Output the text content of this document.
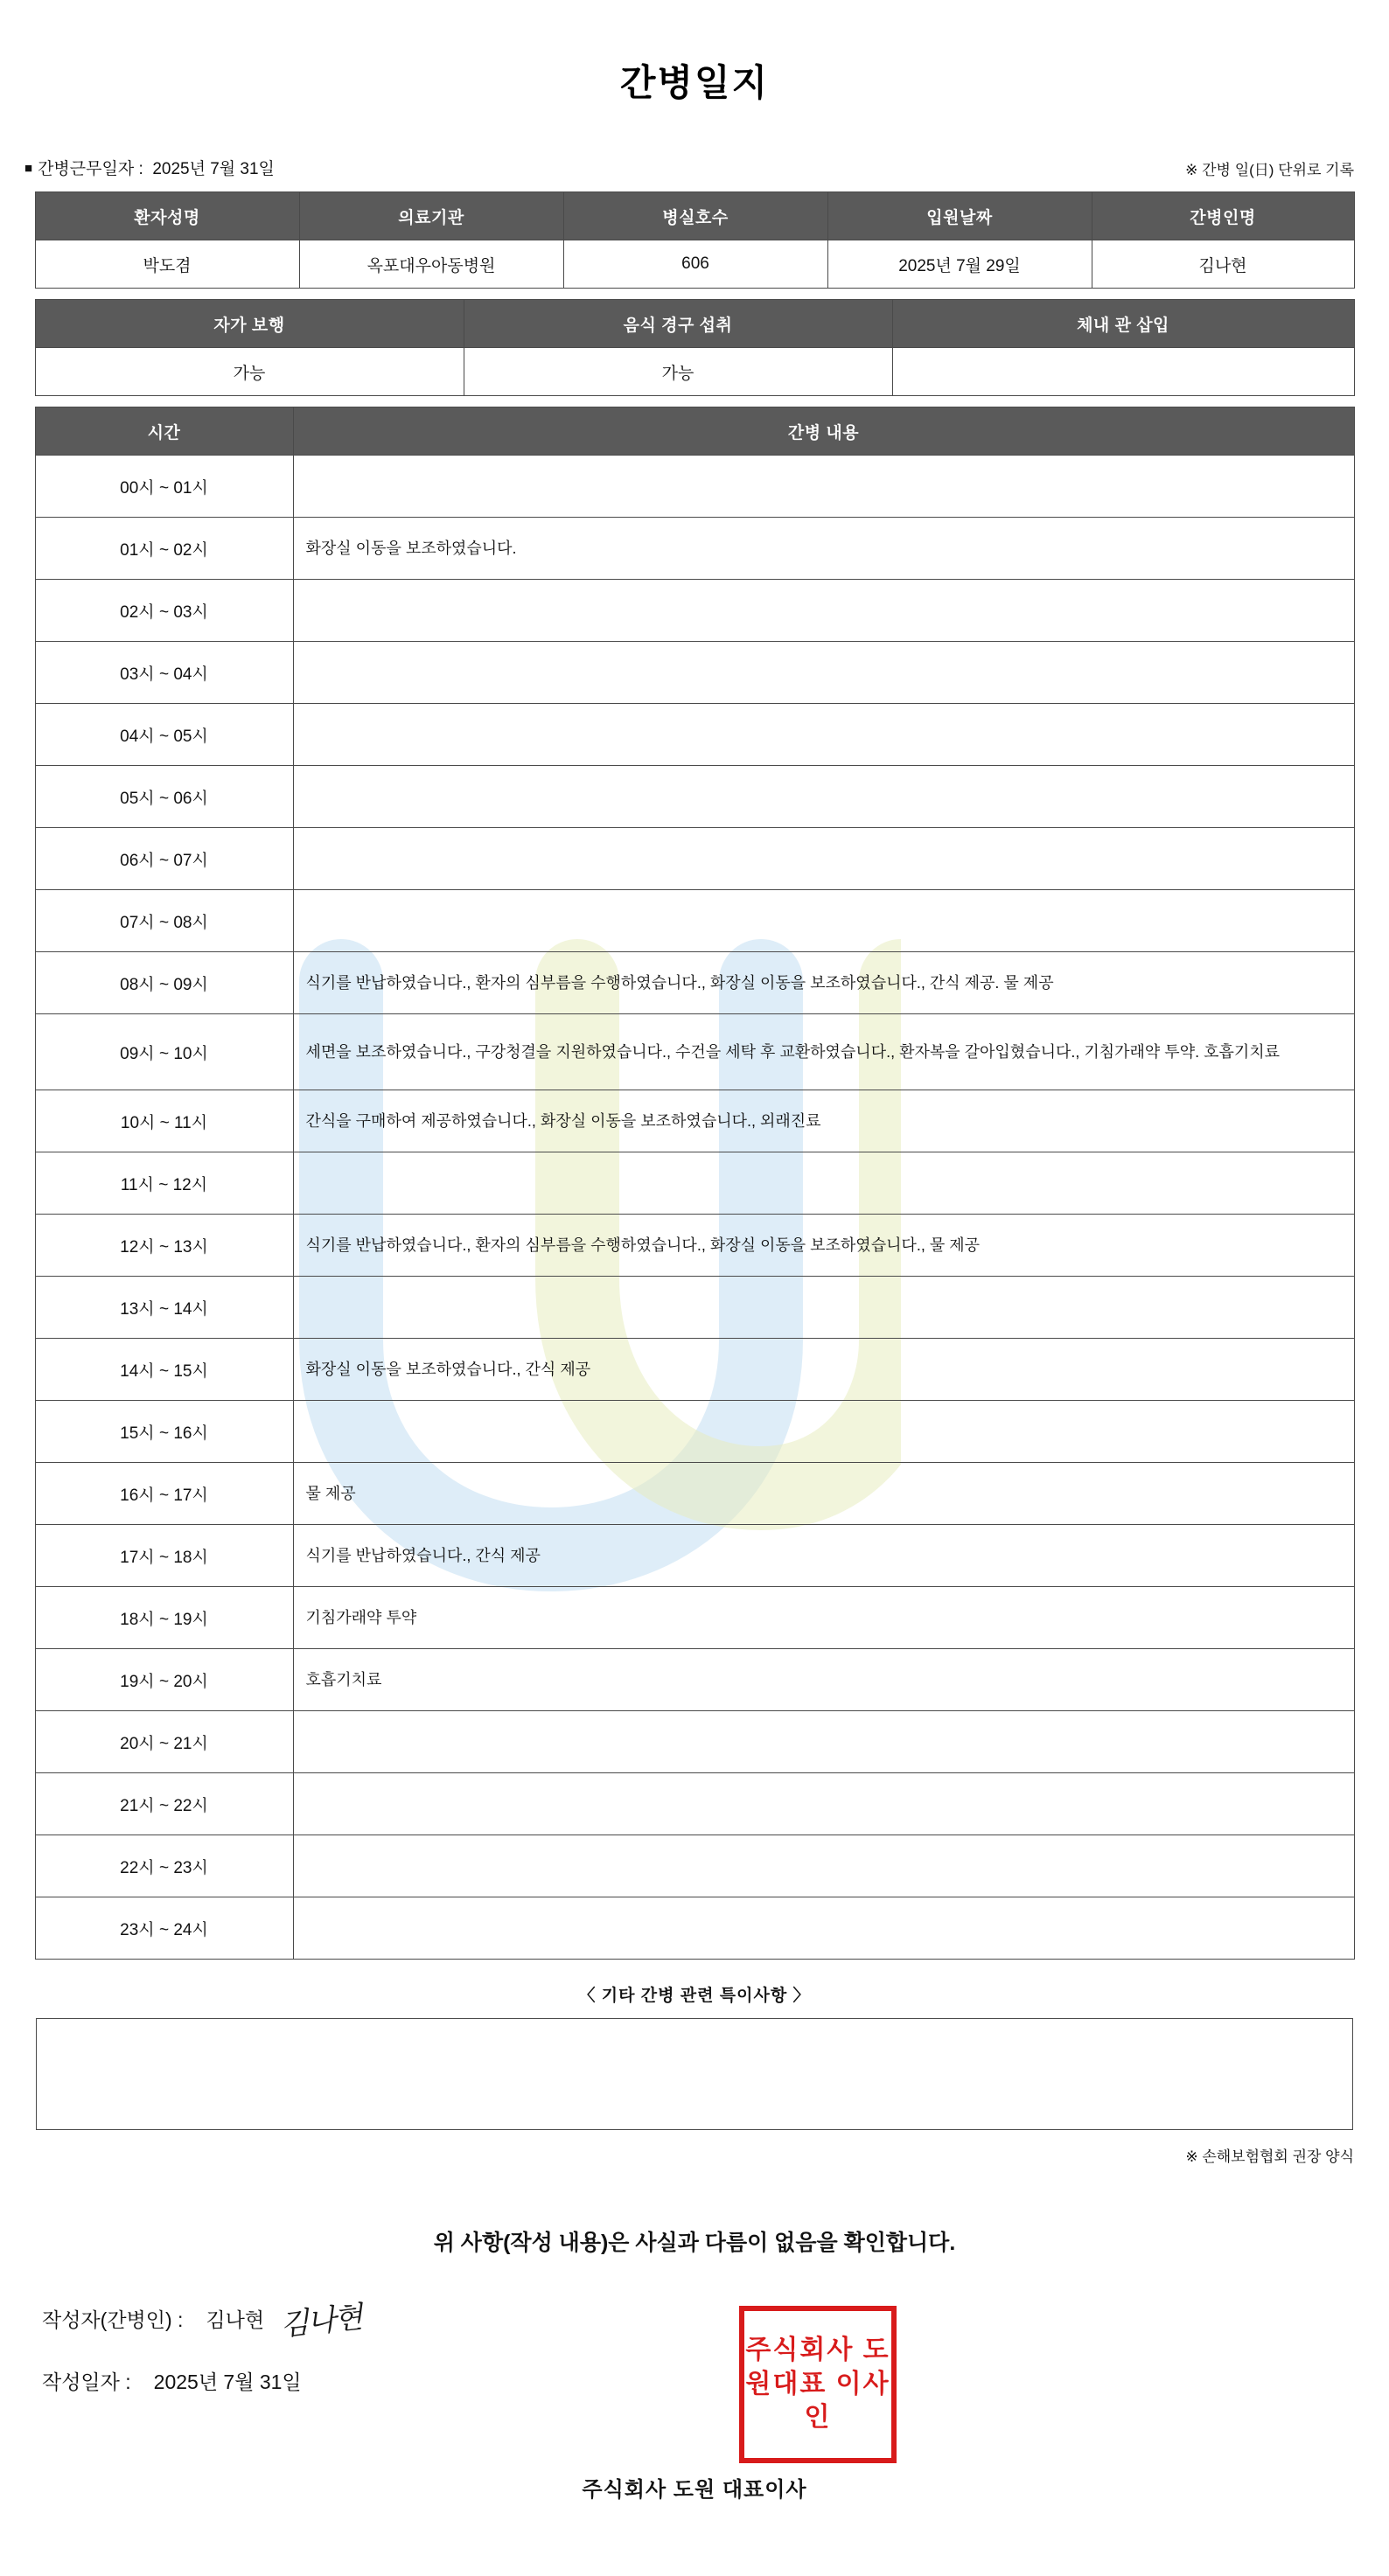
간병일지
■ 간병근무일자 : 2025년 7월 31일	※ 간병 일(日) 단위로 기록
환자성명	의료기관	병실호수	입원날짜	간병인명
박도겸	옥포대우아동병원	606	2025년 7월 29일	김나현
자가 보행	음식 경구 섭취	체내 관 삽입
가능	가능	
시간	간병 내용
00시 ~ 01시	
01시 ~ 02시	화장실 이동을 보조하였습니다.
02시 ~ 03시	
03시 ~ 04시	
04시 ~ 05시	
05시 ~ 06시	
06시 ~ 07시	
07시 ~ 08시	
08시 ~ 09시	식기를 반납하였습니다., 환자의 심부름을 수행하였습니다., 화장실 이동을 보조하였습니다., 간식 제공. 물 제공
09시 ~ 10시	세면을 보조하였습니다., 구강청결을 지원하였습니다., 수건을 세탁 후 교환하였습니다., 환자복을 갈아입혔습니다., 기침가래약 투약. 호흡기치료
10시 ~ 11시	간식을 구매하여 제공하였습니다., 화장실 이동을 보조하였습니다., 외래진료
11시 ~ 12시	
12시 ~ 13시	식기를 반납하였습니다., 환자의 심부름을 수행하였습니다., 화장실 이동을 보조하였습니다., 물 제공
13시 ~ 14시	
14시 ~ 15시	화장실 이동을 보조하였습니다., 간식 제공
15시 ~ 16시	
16시 ~ 17시	물 제공
17시 ~ 18시	식기를 반납하였습니다., 간식 제공
18시 ~ 19시	기침가래약 투약
19시 ~ 20시	호흡기치료
20시 ~ 21시	
21시 ~ 22시	
22시 ~ 23시	
23시 ~ 24시	
〈 기타 간병 관련 특이사항 〉
※ 손해보험협회 권장 양식
위 사항(작성 내용)은 사실과 다름이 없음을 확인합니다.
작성자(간병인) : 김나현 김나현
작성일자 : 2025년 7월 31일
주식회사 도원 대표이사
주식회사 도원대표 이사인
